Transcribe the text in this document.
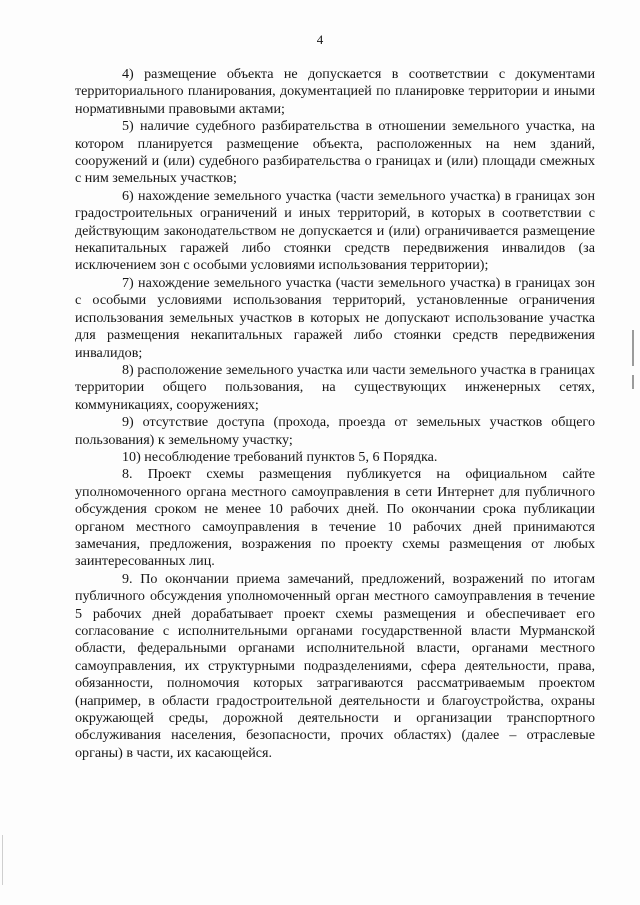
4

4) размещение объекта не допускается в соответствии с документами территориального планирования, документацией по планировке территории и иными нормативными правовыми актами;

5) наличие судебного разбирательства в отношении земельного участка, на котором планируется размещение объекта, расположенных на нем зданий, сооружений и (или) судебного разбирательства о границах и (или) площади смежных с ним земельных участков;

6) нахождение земельного участка (части земельного участка) в границах зон градостроительных ограничений и иных территорий, в которых в соответствии с действующим законодательством не допускается и (или) ограничивается размещение некапитальных гаражей либо стоянки средств передвижения инвалидов (за исключением зон с особыми условиями использования территории);

7) нахождение земельного участка (части земельного участка) в границах зон с особыми условиями использования территорий, установленные ограничения использования земельных участков в которых не допускают использование участка для размещения некапитальных гаражей либо стоянки средств передвижения инвалидов;

8) расположение земельного участка или части земельного участка в границах территории общего пользования, на существующих инженерных сетях, коммуникациях, сооружениях;

9) отсутствие доступа (прохода, проезда от земельных участков общего пользования) к земельному участку;

10) несоблюдение требований пунктов 5, 6 Порядка.

8. Проект схемы размещения публикуется на официальном сайте уполномоченного органа местного самоуправления в сети Интернет для публичного обсуждения сроком не менее 10 рабочих дней. По окончании срока публикации органом местного самоуправления в течение 10 рабочих дней принимаются замечания, предложения, возражения по проекту схемы размещения от любых заинтересованных лиц.

9. По окончании приема замечаний, предложений, возражений по итогам публичного обсуждения уполномоченный орган местного самоуправления в течение 5 рабочих дней дорабатывает проект схемы размещения и обеспечивает его согласование с исполнительными органами государственной власти Мурманской области, федеральными органами исполнительной власти, органами местного самоуправления, их структурными подразделениями, сфера деятельности, права, обязанности, полномочия которых затрагиваются рассматриваемым проектом (например, в области градостроительной деятельности и благоустройства, охраны окружающей среды, дорожной деятельности и организации транспортного обслуживания населения, безопасности, прочих областях) (далее – отраслевые органы) в части, их касающейся.
